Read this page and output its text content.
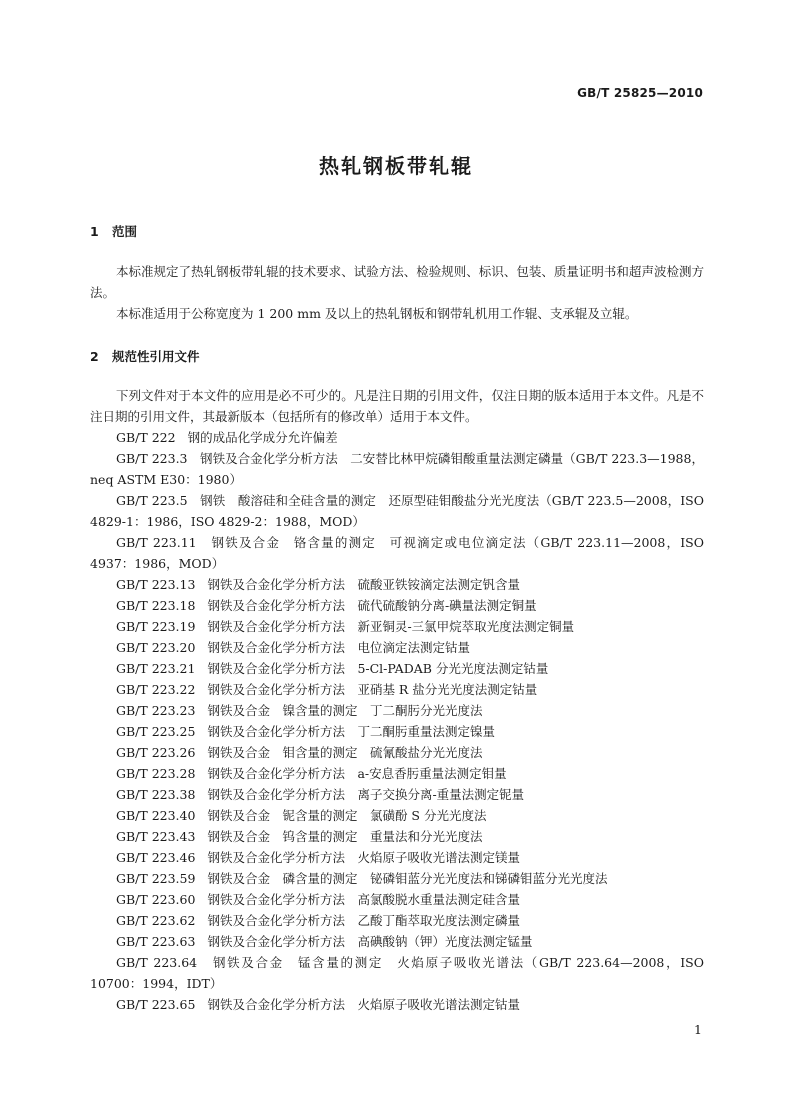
GB/T 25825—2010
热轧钢板带轧辊
1 范围

本标准规定了热轧钢板带轧辊的技术要求、试验方法、检验规则、标识、包装、质量证明书和超声波检测方法。

本标准适用于公称宽度为 1 200 mm 及以上的热轧钢板和钢带轧机用工作辊、支承辊及立辊。

2 规范性引用文件

下列文件对于本文件的应用是必不可少的。凡是注日期的引用文件，仅注日期的版本适用于本文件。凡是不注日期的引用文件，其最新版本（包括所有的修改单）适用于本文件。

GB/T 222 钢的成品化学成分允许偏差

GB/T 223.3　 钢铁及合金化学分析方法　二安替比林甲烷磷钼酸重量法测定磷量（GB/T 223.3—1988，neq ASTM E30：1980）

GB/T 223.5　 钢铁　酸溶硅和全硅含量的测定　还原型硅钼酸盐分光光度法（GB/T 223.5—2008，ISO 4829-1：1986，ISO 4829-2：1988，MOD）

GB/T 223.11　 钢铁及合金　铬含量的测定　可视滴定或电位滴定法（GB/T 223.11—2008，ISO 4937：1986，MOD）

GB/T 223.13 钢铁及合金化学分析方法　硫酸亚铁铵滴定法测定钒含量

GB/T 223.18 钢铁及合金化学分析方法　硫代硫酸钠分离-碘量法测定铜量

GB/T 223.19 钢铁及合金化学分析方法　新亚铜灵-三氯甲烷萃取光度法测定铜量

GB/T 223.20 钢铁及合金化学分析方法　电位滴定法测定钴量

GB/T 223.21 钢铁及合金化学分析方法　5-Cl-PADAB 分光光度法测定钴量

GB/T 223.22 钢铁及合金化学分析方法　亚硝基 R 盐分光光度法测定钴量

GB/T 223.23 钢铁及合金　镍含量的测定　丁二酮肟分光光度法

GB/T 223.25 钢铁及合金化学分析方法　丁二酮肟重量法测定镍量

GB/T 223.26 钢铁及合金　钼含量的测定　硫氰酸盐分光光度法

GB/T 223.28 钢铁及合金化学分析方法　a-安息香肟重量法测定钼量

GB/T 223.38 钢铁及合金化学分析方法　离子交换分离-重量法测定铌量

GB/T 223.40 钢铁及合金　铌含量的测定　氯磺酚 S 分光光度法

GB/T 223.43 钢铁及合金　钨含量的测定　重量法和分光光度法

GB/T 223.46 钢铁及合金化学分析方法　火焰原子吸收光谱法测定镁量

GB/T 223.59 钢铁及合金　磷含量的测定　铋磷钼蓝分光光度法和锑磷钼蓝分光光度法

GB/T 223.60 钢铁及合金化学分析方法　高氯酸脱水重量法测定硅含量

GB/T 223.62 钢铁及合金化学分析方法　乙酸丁酯萃取光度法测定磷量

GB/T 223.63 钢铁及合金化学分析方法　高碘酸钠（钾）光度法测定锰量

GB/T 223.64　 钢铁及合金　锰含量的测定　火焰原子吸收光谱法（GB/T 223.64—2008，ISO 10700：1994，IDT）

GB/T 223.65 钢铁及合金化学分析方法　火焰原子吸收光谱法测定钴量

1
